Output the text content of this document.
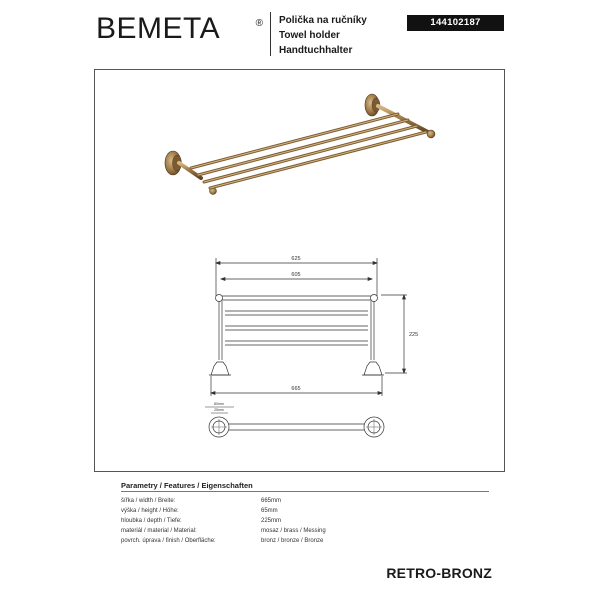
BEMETA	® Polička na ručníky
Towel holder
Handtuchhalter
144102187
625
605
225
665
80mm
25mm
Parametry / Features / Eigenschaften
šířka / width / Breite:	665mm
výška / height / Höhe:	65mm
hloubka / depth / Tiefe:	225mm
materiál / material / Material:	mosaz / brass / Messing
povrch. úprava / finish / Oberfläche:	bronz / bronze / Bronze
RETRO-BRONZ
